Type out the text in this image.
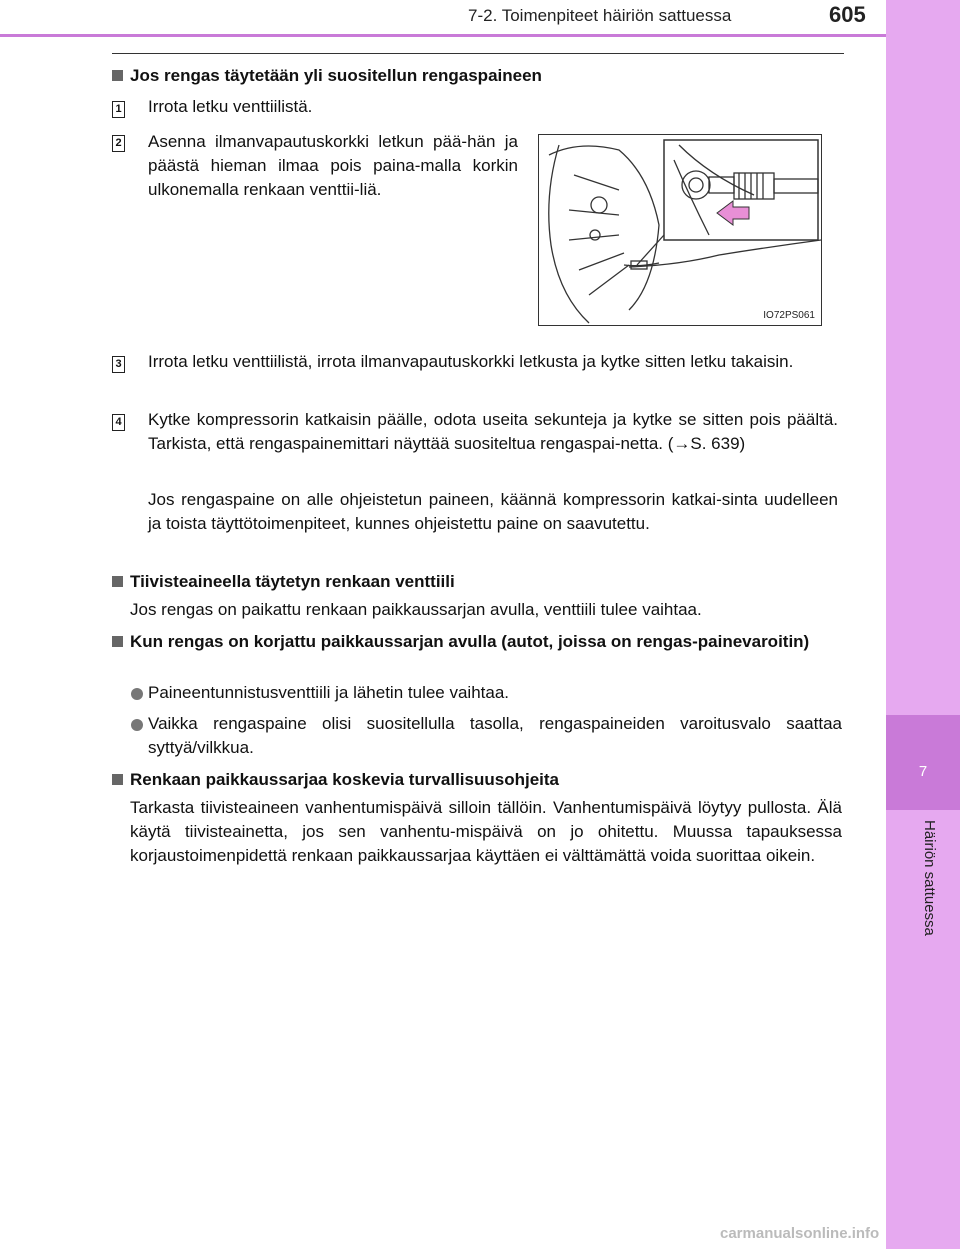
7-2. Toimenpiteet häiriön sattuessa	605
7
Häiriön sattuessa
Jos rengas täytetään yli suositellun rengaspaineen
1 Irrota letku venttiilistä.
2 Asenna ilmanvapautuskorkki letkun pää-hän ja päästä hieman ilmaa pois paina-malla korkin ulkonemalla renkaan venttii-liä.
IO72PS061
3 Irrota letku venttiilistä, irrota ilmanvapautuskorkki letkusta ja kytke sitten letku takaisin.
4 Kytke kompressorin katkaisin päälle, odota useita sekunteja ja kytke se sitten pois päältä. Tarkista, että rengaspainemittari näyttää suositeltua rengaspai-netta. (→S. 639)
Jos rengaspaine on alle ohjeistetun paineen, käännä kompressorin katkai-sinta uudelleen ja toista täyttötoimenpiteet, kunnes ohjeistettu paine on saavutettu.
Tiivisteaineella täytetyn renkaan venttiili
Jos rengas on paikattu renkaan paikkaussarjan avulla, venttiili tulee vaihtaa.
Kun rengas on korjattu paikkaussarjan avulla (autot, joissa on rengas-painevaroitin)
Paineentunnistusventtiili ja lähetin tulee vaihtaa.
Vaikka rengaspaine olisi suositellulla tasolla, rengaspaineiden varoitusvalo saattaa syttyä/vilkkua.
Renkaan paikkaussarjaa koskevia turvallisuusohjeita
Tarkasta tiivisteaineen vanhentumispäivä silloin tällöin. Vanhentumispäivä löytyy pullosta. Älä käytä tiivisteainetta, jos sen vanhentu-mispäivä on jo ohitettu. Muussa tapauksessa korjaustoimenpidettä renkaan paikkaussarjaa käyttäen ei välttämättä voida suorittaa oikein.
carmanualsonline.info
